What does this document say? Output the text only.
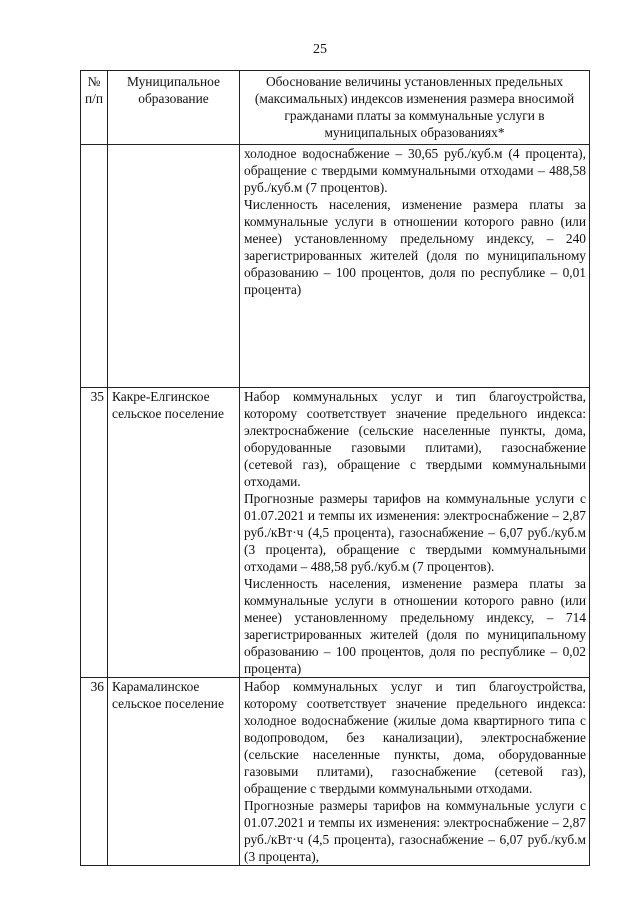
25
№ п/п	Муниципальное образование	Обоснование величины установленных предельных (максимальных) индексов изменения размера вносимой гражданами платы за коммунальные услуги в муниципальных образованиях*

		холодное водоснабжение – 30,65 руб./куб.м (4 процента), обращение с твердыми коммунальными отходами – 488,58 руб./куб.м (7 процентов).
Численность населения, изменение размера платы за коммунальные услуги в отношении которого равно (или менее) установленному предельному индексу, – 240 зарегистрированных жителей (доля по муниципальному образованию – 100 процентов, доля по республике – 0,01 процента)

35	Какре-Елгинское сельское поселение	Набор коммунальных услуг и тип благоустройства, которому соответствует значение предельного индекса: электроснабжение (сельские населенные пункты, дома, оборудованные газовыми плитами), газоснабжение (сетевой газ), обращение с твердыми коммунальными отходами.
Прогнозные размеры тарифов на коммунальные услуги с 01.07.2021 и темпы их изменения: электроснабжение – 2,87 руб./кВт·ч (4,5 процента), газоснабжение – 6,07 руб./куб.м (3 процента), обращение с твердыми коммунальными отходами – 488,58 руб./куб.м (7 процентов).
Численность населения, изменение размера платы за коммунальные услуги в отношении которого равно (или менее) установленному предельному индексу, – 714 зарегистрированных жителей (доля по муниципальному образованию – 100 процентов, доля по республике – 0,02 процента)

36	Карамалинское сельское поселение	Набор коммунальных услуг и тип благоустройства, которому соответствует значение предельного индекса: холодное водоснабжение (жилые дома квартирного типа с водопроводом, без канализации), электроснабжение (сельские населенные пункты, дома, оборудованные газовыми плитами), газоснабжение (сетевой газ), обращение с твердыми коммунальными отходами.
Прогнозные размеры тарифов на коммунальные услуги с 01.07.2021 и темпы их изменения: электроснабжение – 2,87 руб./кВт·ч (4,5 процента), газоснабжение – 6,07 руб./куб.м (3 процента),
